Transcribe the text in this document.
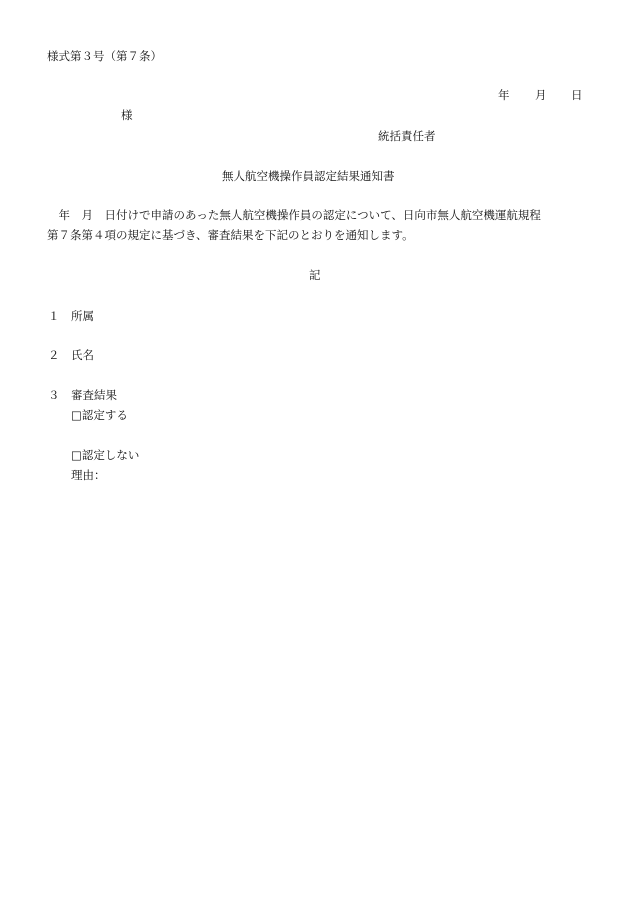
様式第３号（第７条）
年 月 日
様
統括責任者
無人航空機操作員認定結果通知書
　年　月　日付けで申請のあった無人航空機操作員の認定について、日向市無人航空機運航規程
第７条第４項の規定に基づき、審査結果を下記のとおりを通知します。
記
１ 所属
２ 氏名
３ 審査結果
□認定する
□認定しない
理由：
